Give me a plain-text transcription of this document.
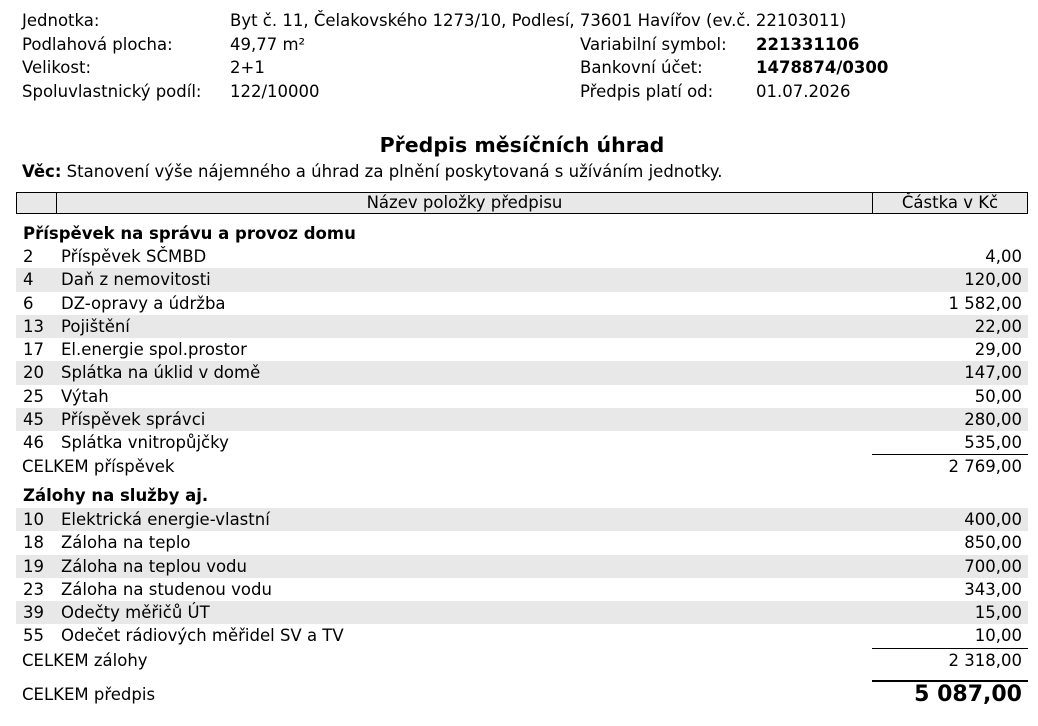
Jednotka:	Byt č. 11, Čelakovského 1273/10, Podlesí, 73601 Havířov (ev.č. 22103011)
Podlahová plocha:	49,77 m²	Variabilní symbol: 221331106
Velikost:	2+1	Bankovní účet:	1478874/0300
Spoluvlastnický podíl: 122/10000	Předpis platí od:	01.07.2026
Předpis měsíčních úhrad
Věc: Stanovení výše nájemného a úhrad za plnění poskytovaná s užíváním jednotky.
Název položky předpisu	Částka v Kč
Příspěvek na správu a provoz domu
2 Příspěvek SČMBD	4,00
4 Daň z nemovitosti	120,00
6 DZ-opravy a údržba	1 582,00
13 Pojištění	22,00
17 El.energie spol.prostor	29,00
20 Splátka na úklid v domě	147,00
25 Výtah	50,00
45 Příspěvek správci	280,00
46 Splátka vnitropůjčky	535,00
CELKEM příspěvek	2 769,00
Zálohy na služby aj.
10 Elektrická energie-vlastní	400,00
18 Záloha na teplo	850,00
19 Záloha na teplou vodu	700,00
23 Záloha na studenou vodu	343,00
39 Odečty měřičů ÚT	15,00
55 Odečet rádiových měřidel SV a TV	10,00
CELKEM zálohy	2 318,00
CELKEM předpis	5 087,00
